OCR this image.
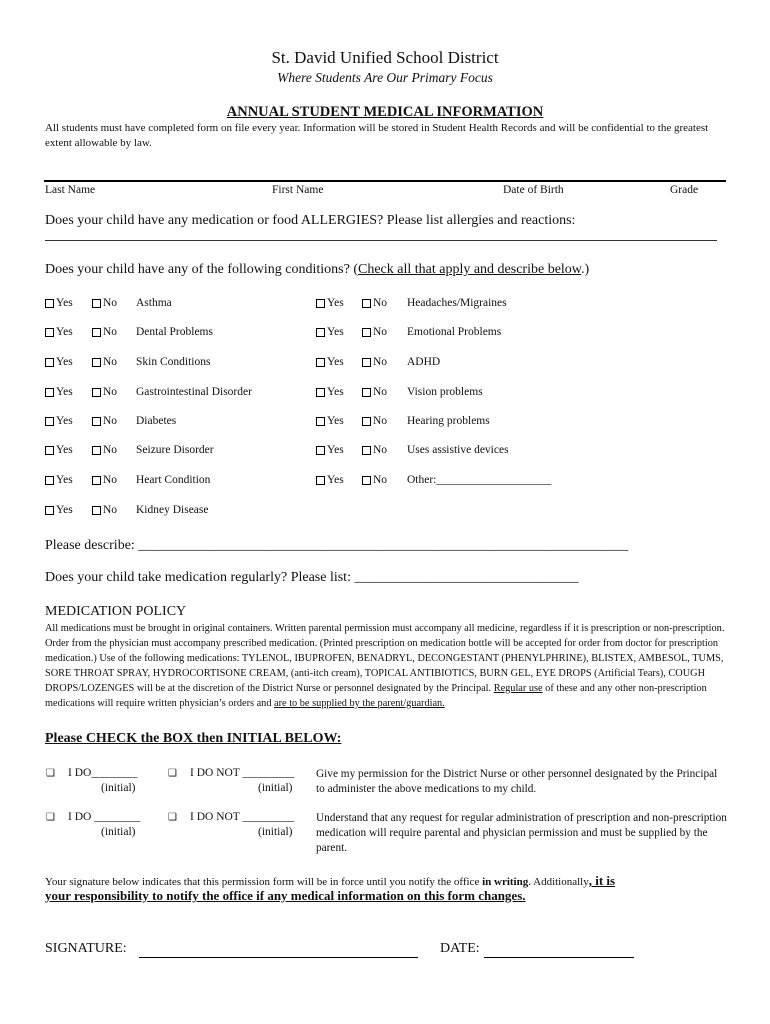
St. David Unified School District
Where Students Are Our Primary Focus
ANNUAL STUDENT MEDICAL INFORMATION
All students must have completed form on file every year. Information will be stored in Student Health Records and will be confidential to the greatest extent allowable by law.
Last Name	First Name	Date of Birth	Grade
Does your child have any medication or food ALLERGIES? Please list allergies and reactions:
Does your child have any of the following conditions? (Check all that apply and describe below.)
Yes	No Asthma
Yes	No Dental Problems
Yes	No Skin Conditions
Yes	No Gastrointestinal Disorder
Yes	No Diabetes
Yes	No Seizure Disorder
Yes	No Heart Condition
Yes	No Kidney Disease
Yes	No Headaches/Migraines
Yes	No Emotional Problems
Yes	No ADHD
Yes	No Vision problems
Yes	No Hearing problems
Yes	No Uses assistive devices
Yes	No Other:____________________
Please describe: ______________________________________________________________________
Does your child take medication regularly? Please list: ________________________________
MEDICATION POLICY
All medications must be brought in original containers. Written parental permission must accompany all medicine, regardless if it is prescription or non-prescription. Order from the physician must accompany prescribed medication. (Printed prescription on medication bottle will be accepted for order from doctor for prescription medication.) Use of the following medications: TYLENOL, IBUPROFEN, BENADRYL, DECONGESTANT (PHENYLPHRINE), BLISTEX, AMBESOL, TUMS, SORE THROAT SPRAY, HYDROCORTISONE CREAM, (anti-itch cream), TOPICAL ANTIBIOTICS, BURN GEL, EYE DROPS (Artificial Tears), COUGH DROPS/LOZENGES will be at the discretion of the District Nurse or personnel designated by the Principal. Regular use of these and any other non-prescription medications will require written physician’s orders and are to be supplied by the parent/guardian.
Please CHECK the BOX then INITIAL BELOW:
❑ I DO________	❑ I DO NOT _________
(initial)	(initial)
Give my permission for the District Nurse or other personnel designated by the Principal to administer the above medications to my child.
❑ I DO ________	❑ I DO NOT _________
(initial)	(initial)
Understand that any request for regular administration of prescription and non-prescription medication will require parental and physician permission and must be supplied by the parent.
Your signature below indicates that this permission form will be in force until you notify the office in writing. Additionally, it is
your responsibility to notify the office if any medical information on this form changes.
SIGNATURE:	DATE:
